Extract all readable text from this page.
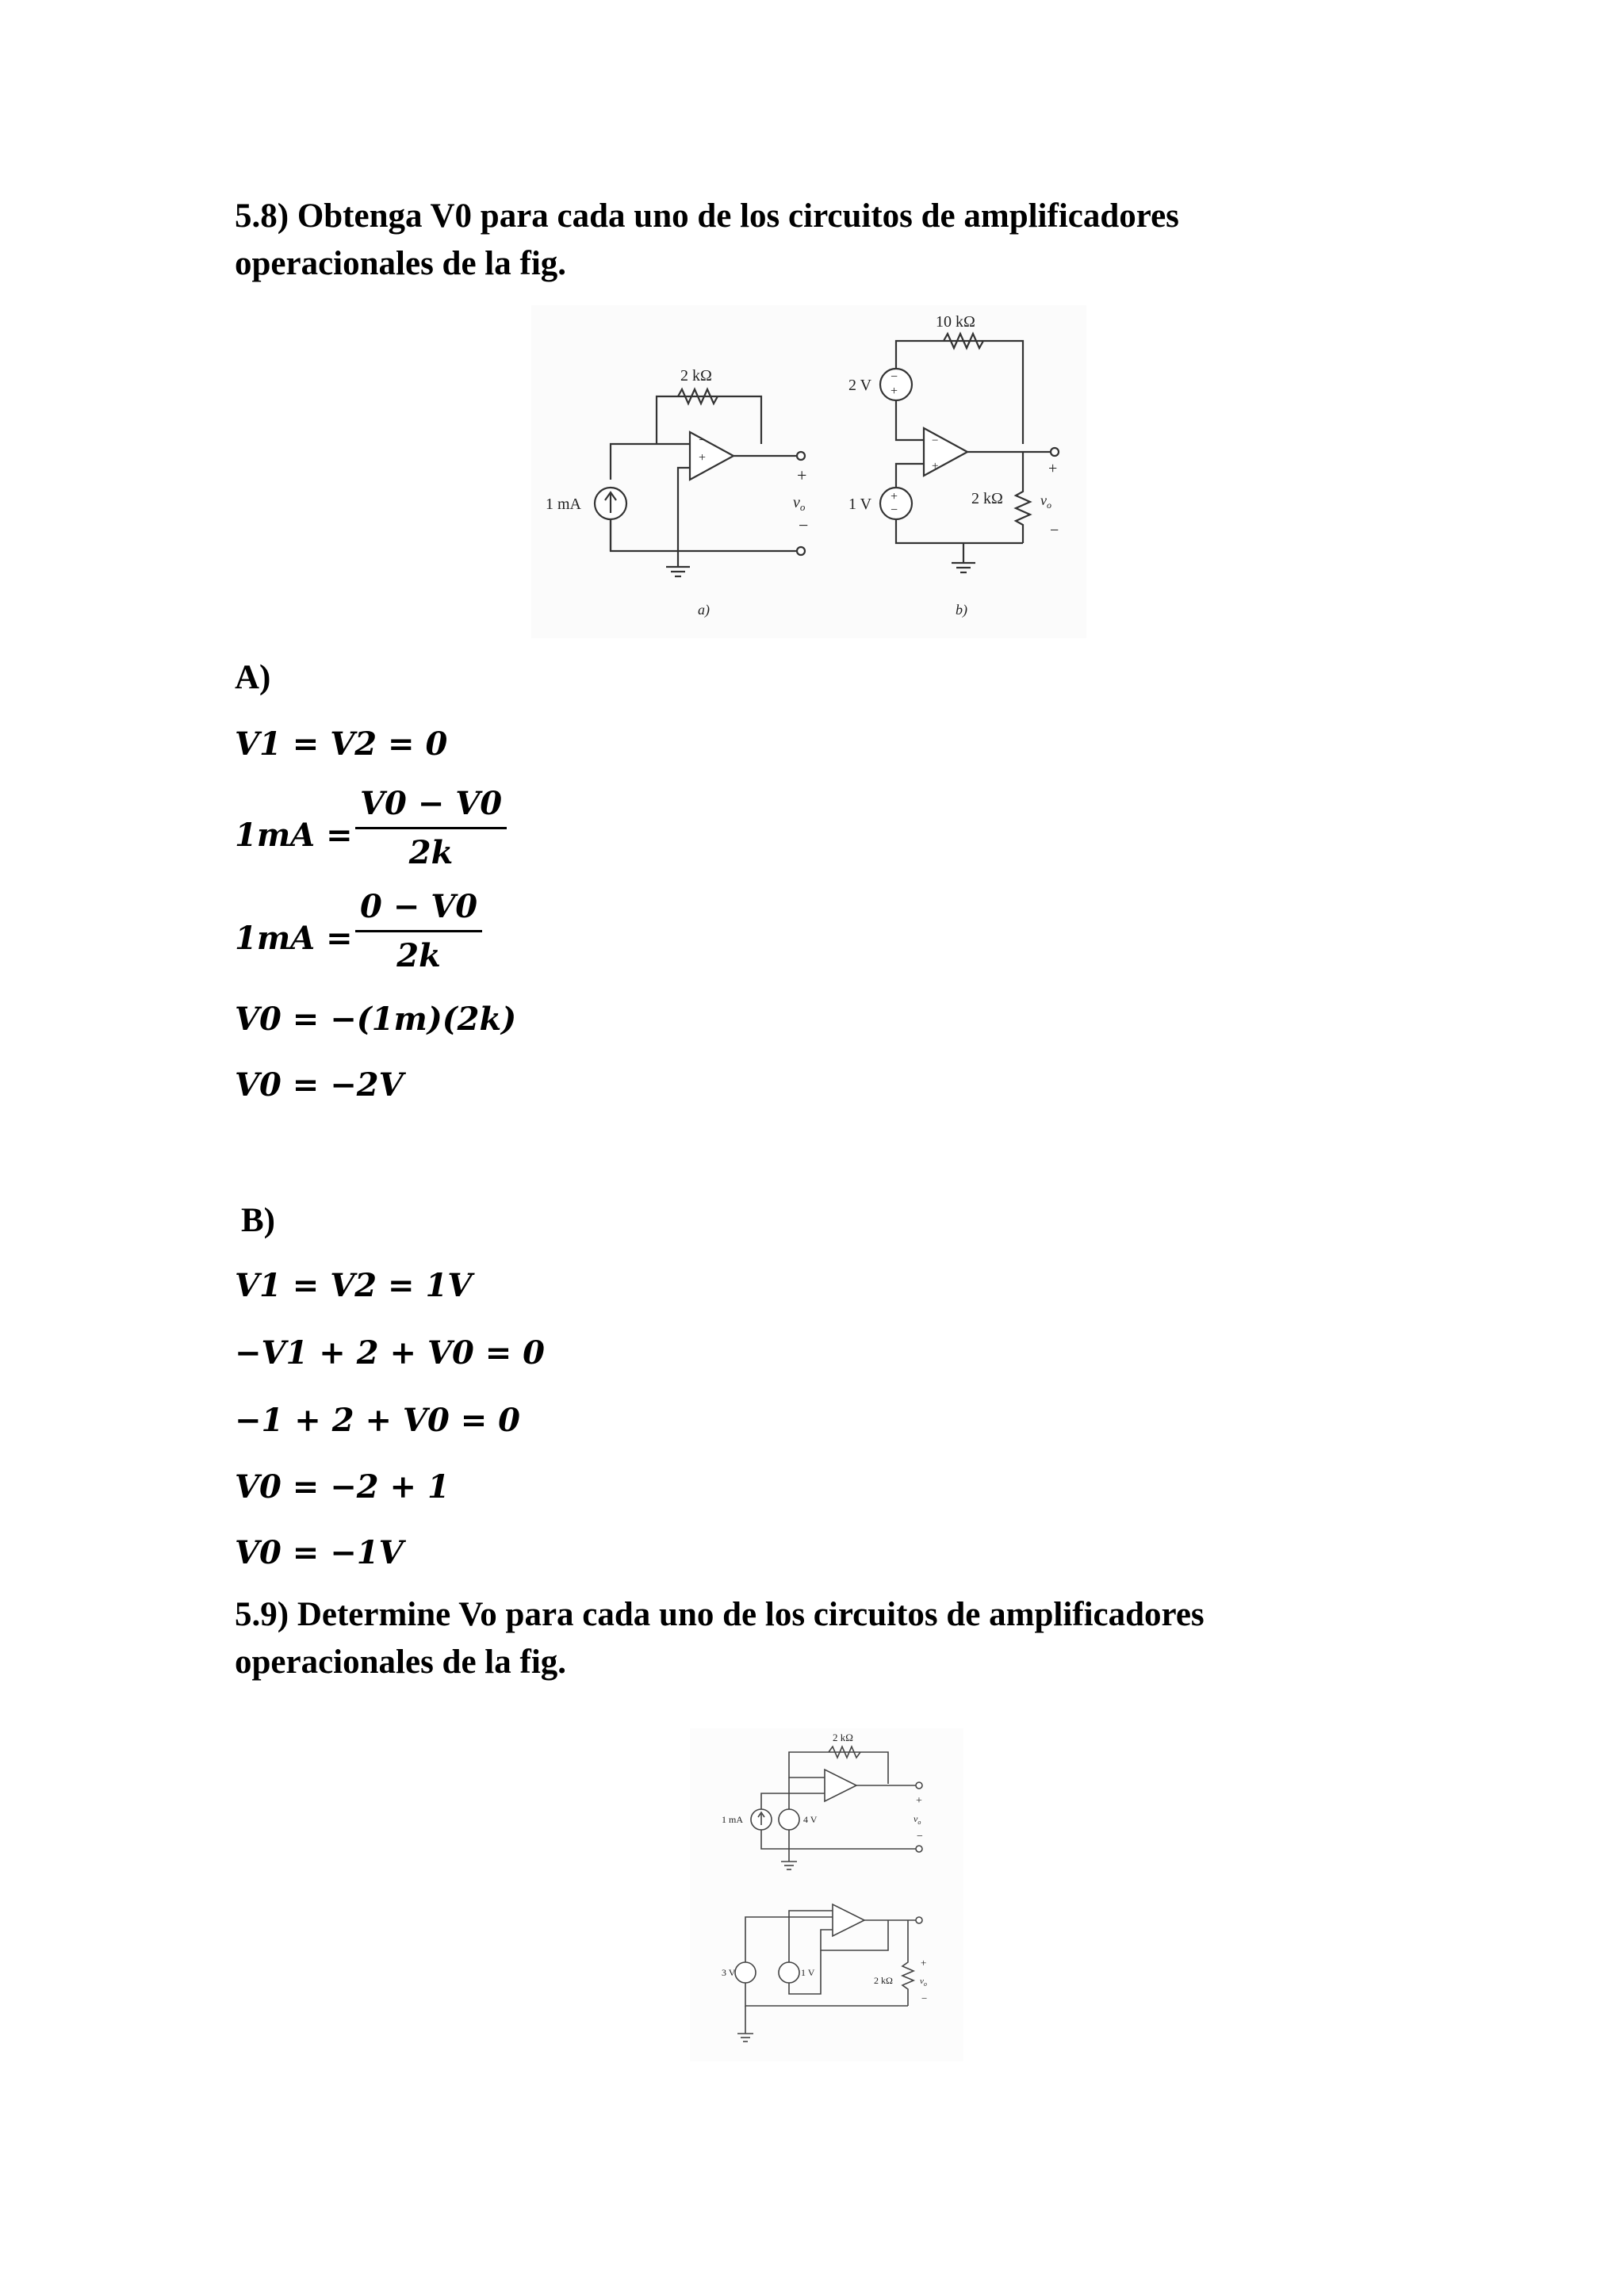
5.8) Obtenga V0 para cada uno de los circuitos de amplificadores

operacionales de la fig.

2 kΩ
1 mA
+
−
$v_o$
a)
+
−
10 kΩ
2 V
1 V	2 kΩ
+
−
$v_o$
b)
−
+
+
−
−
+

A)

V1 = V2 = 0

$1mA = \frac{V0 - V0}{2k}$

$1mA = \frac{0 - V0}{2k}$

V0 = −(1m)(2k)

V0 = −2V

B)

V1 = V2 = 1V

−V1 + 2 + V0 = 0

−1 + 2 + V0 = 0

V0 = −2 + 1

V0 = −1V

5.9) Determine Vo para cada uno de los circuitos de amplificadores

operacionales de la fig.

2 kΩ
1 mA	4 V
+
−
$v_o$
3 V	1 V
2 kΩ
+
−
$v_o$
